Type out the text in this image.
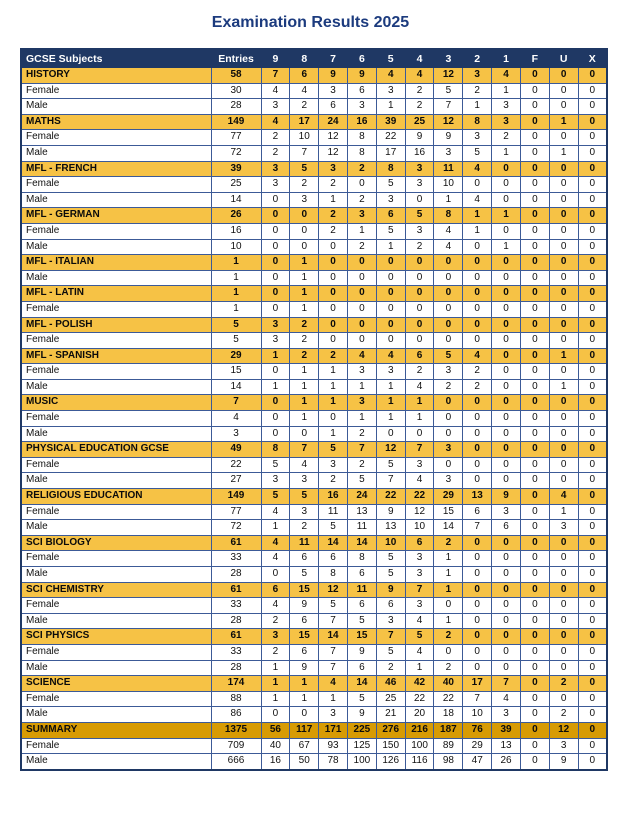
Examination Results 2025
GCSE Subjects	Entries	9	8	7	6	5	4	3	2	1	F	U	X
HISTORY	58	7	6	9	9	4	4	12	3	4	0	0	0
Female	30	4	4	3	6	3	2	5	2	1	0	0	0
Male	28	3	2	6	3	1	2	7	1	3	0	0	0
MATHS	149	4	17	24	16	39	25	12	8	3	0	1	0
Female	77	2	10	12	8	22	9	9	3	2	0	0	0
Male	72	2	7	12	8	17	16	3	5	1	0	1	0
MFL - FRENCH	39	3	5	3	2	8	3	11	4	0	0	0	0
Female	25	3	2	2	0	5	3	10	0	0	0	0	0
Male	14	0	3	1	2	3	0	1	4	0	0	0	0
MFL - GERMAN	26	0	0	2	3	6	5	8	1	1	0	0	0
Female	16	0	0	2	1	5	3	4	1	0	0	0	0
Male	10	0	0	0	2	1	2	4	0	1	0	0	0
MFL - ITALIAN	1	0	1	0	0	0	0	0	0	0	0	0	0
Male	1	0	1	0	0	0	0	0	0	0	0	0	0
MFL - LATIN	1	0	1	0	0	0	0	0	0	0	0	0	0
Female	1	0	1	0	0	0	0	0	0	0	0	0	0
MFL - POLISH	5	3	2	0	0	0	0	0	0	0	0	0	0
Female	5	3	2	0	0	0	0	0	0	0	0	0	0
MFL - SPANISH	29	1	2	2	4	4	6	5	4	0	0	1	0
Female	15	0	1	1	3	3	2	3	2	0	0	0	0
Male	14	1	1	1	1	1	4	2	2	0	0	1	0
MUSIC	7	0	1	1	3	1	1	0	0	0	0	0	0
Female	4	0	1	0	1	1	1	0	0	0	0	0	0
Male	3	0	0	1	2	0	0	0	0	0	0	0	0
PHYSICAL EDUCATION GCSE	49	8	7	5	7	12	7	3	0	0	0	0	0
Female	22	5	4	3	2	5	3	0	0	0	0	0	0
Male	27	3	3	2	5	7	4	3	0	0	0	0	0
RELIGIOUS EDUCATION	149	5	5	16	24	22	22	29	13	9	0	4	0
Female	77	4	3	11	13	9	12	15	6	3	0	1	0
Male	72	1	2	5	11	13	10	14	7	6	0	3	0
SCI BIOLOGY	61	4	11	14	14	10	6	2	0	0	0	0	0
Female	33	4	6	6	8	5	3	1	0	0	0	0	0
Male	28	0	5	8	6	5	3	1	0	0	0	0	0
SCI CHEMISTRY	61	6	15	12	11	9	7	1	0	0	0	0	0
Female	33	4	9	5	6	6	3	0	0	0	0	0	0
Male	28	2	6	7	5	3	4	1	0	0	0	0	0
SCI PHYSICS	61	3	15	14	15	7	5	2	0	0	0	0	0
Female	33	2	6	7	9	5	4	0	0	0	0	0	0
Male	28	1	9	7	6	2	1	2	0	0	0	0	0
SCIENCE	174	1	1	4	14	46	42	40	17	7	0	2	0
Female	88	1	1	1	5	25	22	22	7	4	0	0	0
Male	86	0	0	3	9	21	20	18	10	3	0	2	0
SUMMARY	1375	56	117	171	225	276	216	187	76	39	0	12	0
Female	709	40	67	93	125	150	100	89	29	13	0	3	0
Male	666	16	50	78	100	126	116	98	47	26	0	9	0
